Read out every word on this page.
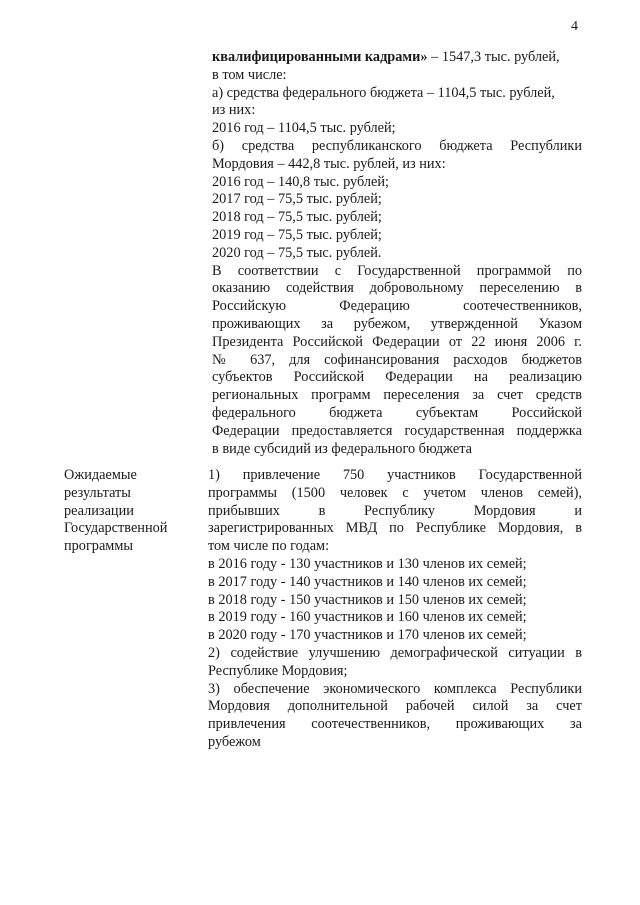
4
квалифицированными кадрами» – 1547,3 тыс. рублей,
в том числе:
а) средства федерального бюджета – 1104,5 тыс. рублей,
из них:
2016 год – 1104,5 тыс. рублей;
б) средства республиканского бюджета Республики
Мордовия – 442,8 тыс. рублей, из них:
2016 год – 140,8 тыс. рублей;
2017 год – 75,5 тыс. рублей;
2018 год – 75,5 тыс. рублей;
2019 год – 75,5 тыс. рублей;
2020 год – 75,5 тыс. рублей.
В соответствии с Государственной программой по
оказанию содействия добровольному переселению в
Российскую Федерацию соотечественников,
проживающих за рубежом, утвержденной Указом
Президента Российской Федерации от 22 июня 2006 г.
№ 637, для софинансирования расходов бюджетов
субъектов Российской Федерации на реализацию
региональных программ переселения за счет средств
федерального бюджета субъектам Российской
Федерации предоставляется государственная поддержка
в виде субсидий из федерального бюджета
Ожидаемые
результаты
реализации
Государственной
программы
1) привлечение 750 участников Государственной
программы (1500 человек с учетом членов семей),
прибывших в Республику Мордовия и
зарегистрированных МВД по Республике Мордовия, в
том числе по годам:
в 2016 году - 130 участников и 130 членов их семей;
в 2017 году - 140 участников и 140 членов их семей;
в 2018 году - 150 участников и 150 членов их семей;
в 2019 году - 160 участников и 160 членов их семей;
в 2020 году - 170 участников и 170 членов их семей;
2) содействие улучшению демографической ситуации в
Республике Мордовия;
3) обеспечение экономического комплекса Республики
Мордовия дополнительной рабочей силой за счет
привлечения соотечественников, проживающих за
рубежом
